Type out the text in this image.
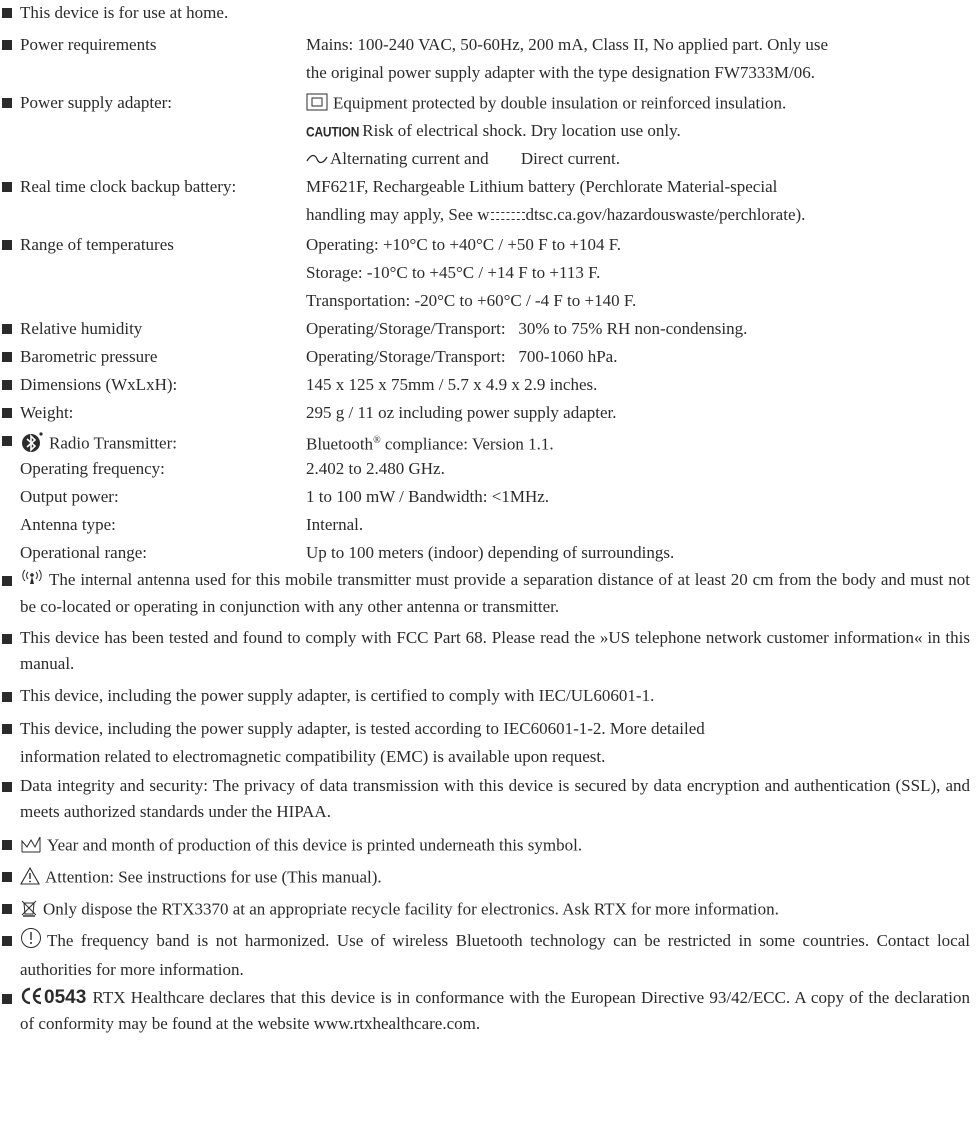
This device is for use at home.
Power requirements	Mains: 100-240 VAC, 50-60Hz, 200 mA, Class II, No applied part. Only use
the original power supply adapter with the type designation FW7333M/06.
Power supply adapter:	Equipment protected by double insulation or reinforced insulation.
CAUTION Risk of electrical shock. Dry location use only.
Alternating current and Direct current.
Real time clock backup battery:	MF621F, Rechargeable Lithium battery (Perchlorate Material-special
handling may apply, See w dtsc.ca.gov/hazardouswaste/perchlorate).
Range of temperatures	Operating: +10°C to +40°C / +50 F to +104 F.
Storage: -10°C to +45°C / +14 F to +113 F.
Transportation: -20°C to +60°C / -4 F to +140 F.
Relative humidity	Operating/Storage/Transport:   30% to 75% RH non-condensing.
Barometric pressure	Operating/Storage/Transport:   700-1060 hPa.
Dimensions (WxLxH):	145 x 125 x 75mm / 5.7 x 4.9 x 2.9 inches.
Weight:	295 g / 11 oz including power supply adapter.
Radio Transmitter:	Bluetooth® compliance: Version 1.1.
Operating frequency:	2.402 to 2.480 GHz.
Output power:	1 to 100 mW / Bandwidth: <1MHz.
Antenna type:	Internal.
Operational range:	Up to 100 meters (indoor) depending of surroundings.
The internal antenna used for this mobile transmitter must provide a separation distance of at least 20 cm from the body and must not be co-located or operating in conjunction with any other antenna or transmitter.
This device has been tested and found to comply with FCC Part 68. Please read the »US telephone network customer information« in this manual.
This device, including the power supply adapter, is certified to comply with IEC/UL60601-1.
This device, including the power supply adapter, is tested according to IEC60601-1-2. More detailed
information related to electromagnetic compatibility (EMC) is available upon request.
Data integrity and security: The privacy of data transmission with this device is secured by data encryption and authentication (SSL), and meets authorized standards under the HIPAA.
Year and month of production of this device is printed underneath this symbol.
Attention: See instructions for use (This manual).
Only dispose the RTX3370 at an appropriate recycle facility for electronics. Ask RTX for more information.
The frequency band is not harmonized. Use of wireless Bluetooth technology can be restricted in some countries. Contact local authorities for more information.
0543 RTX Healthcare declares that this device is in conformance with the European Directive 93/42/ECC. A copy of the declaration of conformity may be found at the website www.rtxhealthcare.com.
